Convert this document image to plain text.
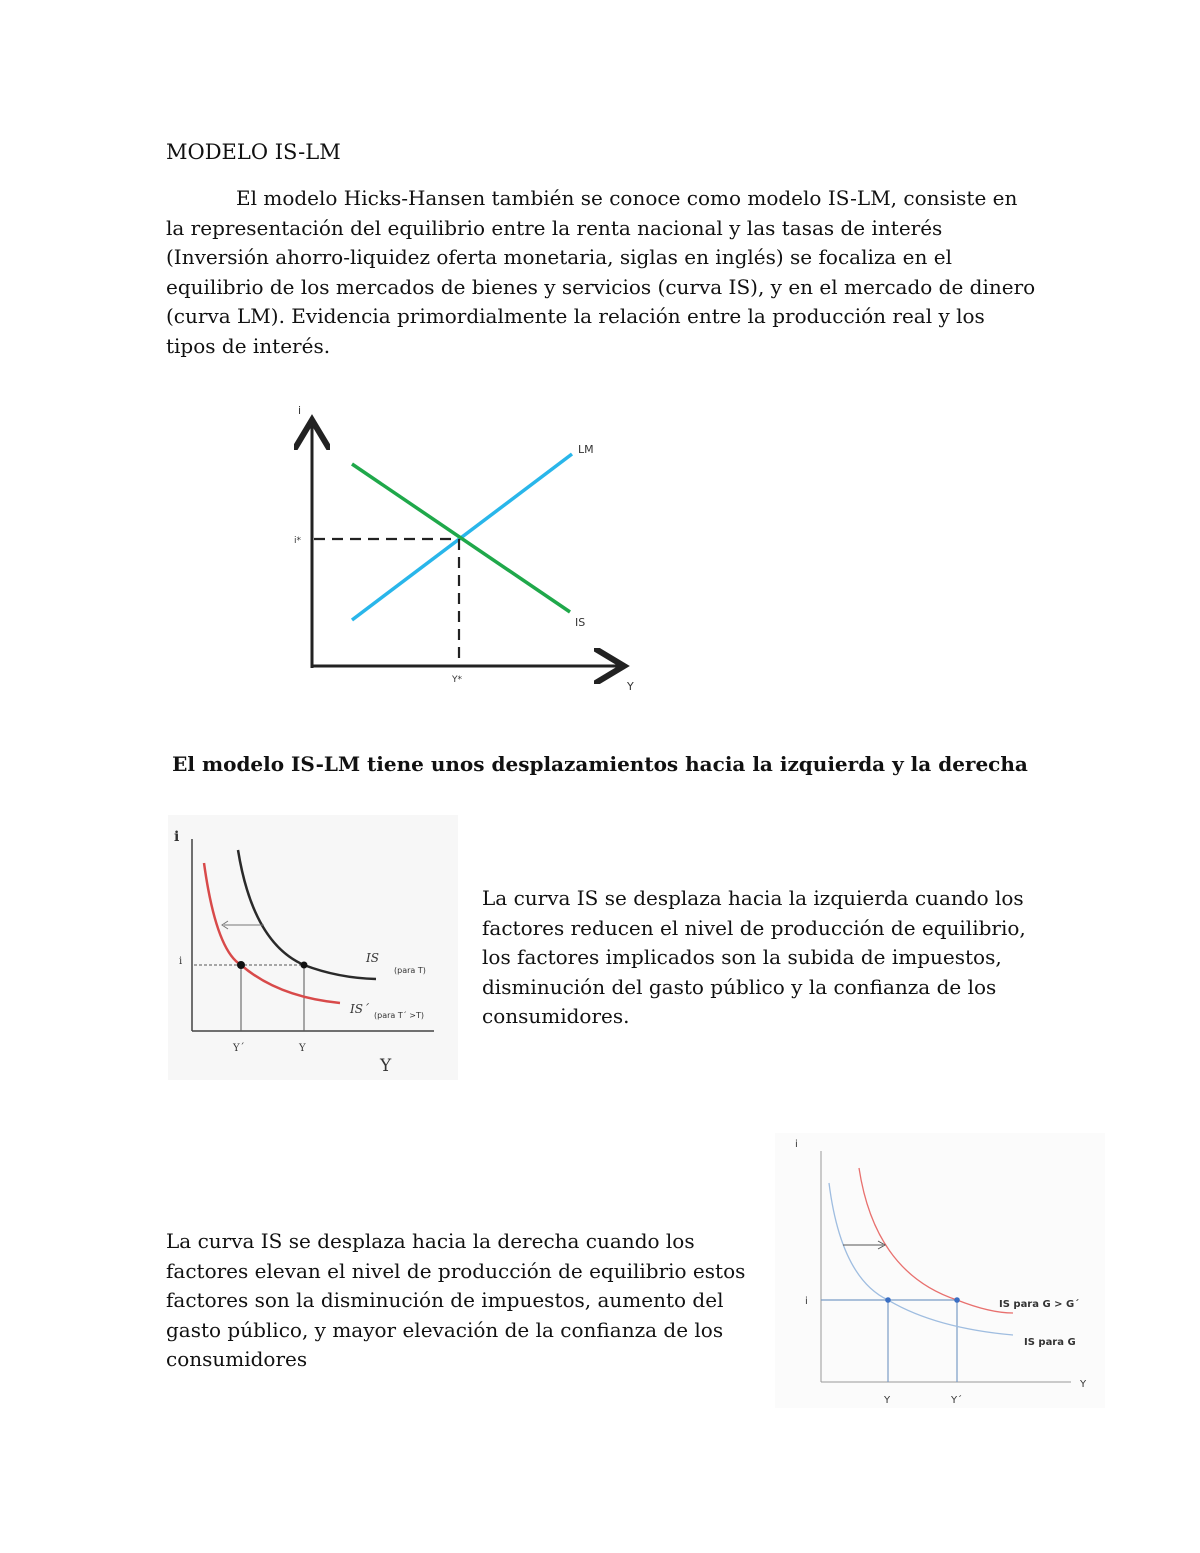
MODELO IS-LM

El modelo Hicks-Hansen también se conoce como modelo IS-LM, consiste en la representación del equilibrio entre la renta nacional y las tasas de interés (Inversión ahorro-liquidez oferta monetaria, siglas en inglés) se focaliza en el equilibrio de los mercados de bienes y servicios (curva IS), y en el mercado de dinero (curva LM). Evidencia primordialmente la relación entre la producción real y los tipos de interés.

i
Y
LM
IS
i*
Y*
El modelo IS-LM tiene unos desplazamientos hacia la izquierda y la derecha
i
Y
i
Y´	Y
IS
(para T)
IS´ (para T´ >T)

La curva IS se desplaza hacia la izquierda cuando los factores reducen el nivel de producción de equilibrio, los factores implicados son la subida de impuestos, disminución del gasto público y la confianza de los consumidores.

La curva IS se desplaza hacia la derecha cuando los factores elevan el nivel de producción de equilibrio estos factores son la disminución de impuestos, aumento del gasto público, y mayor elevación de la confianza de los consumidores

i
Y
i
Y	Y´
IS para G > G´
IS para G
